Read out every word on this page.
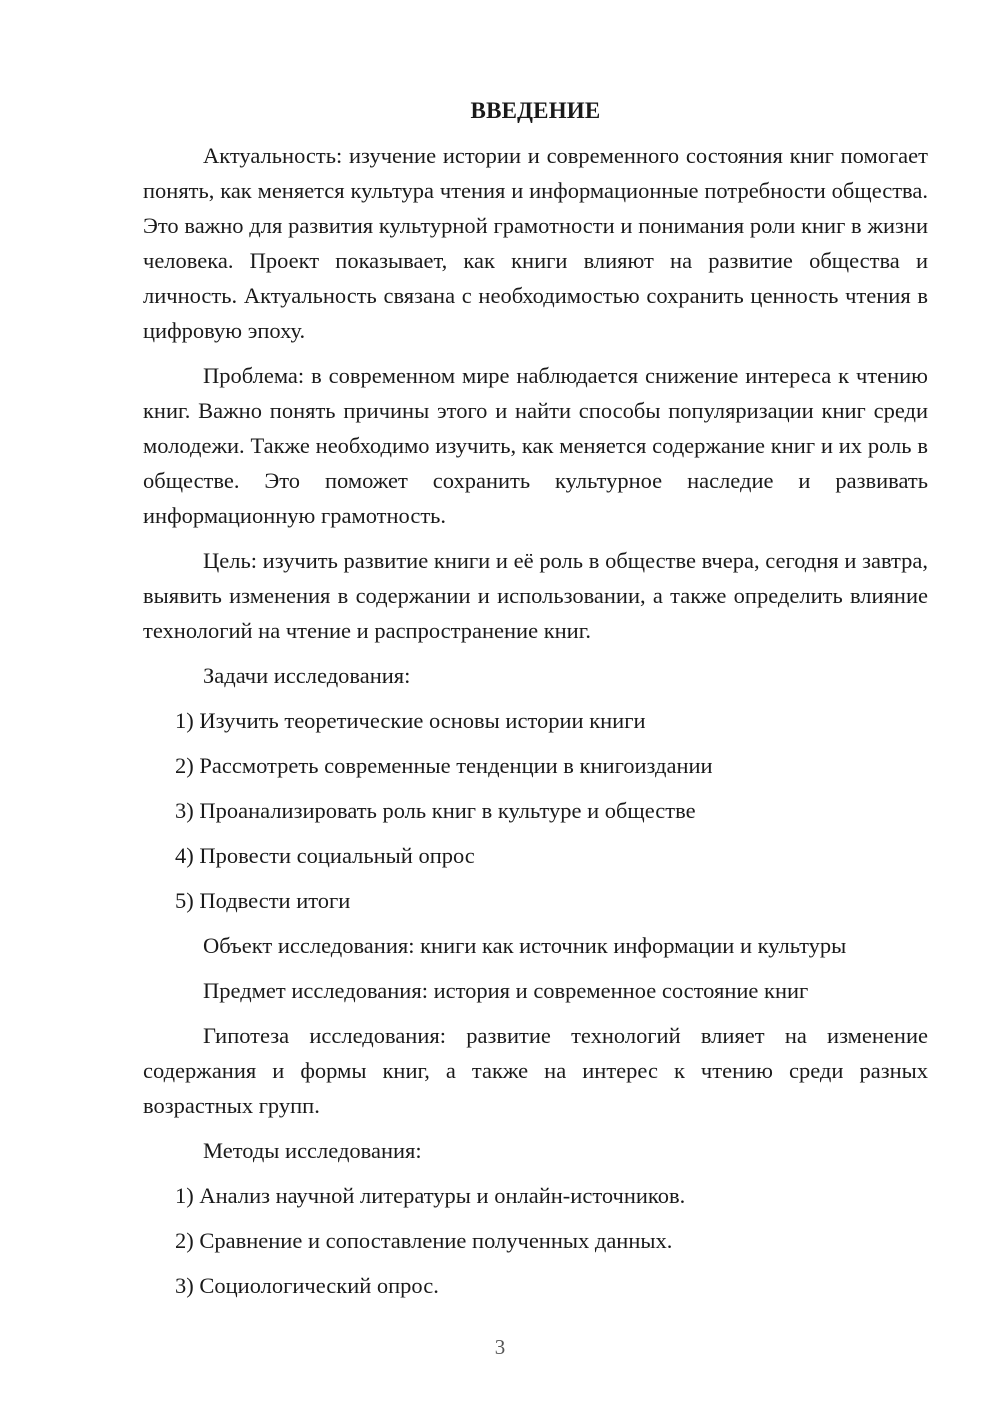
ВВЕДЕНИЕ

Актуальность: изучение истории и современного состояния книг помогает понять, как меняется культура чтения и информационные потребности общества. Это важно для развития культурной грамотности и понимания роли книг в жизни человека. Проект показывает, как книги влияют на развитие общества и личность. Актуальность связана с необходимостью сохранить ценность чтения в цифровую эпоху.

Проблема: в современном мире наблюдается снижение интереса к чтению книг. Важно понять причины этого и найти способы популяризации книг среди молодежи. Также необходимо изучить, как меняется содержание книг и их роль в обществе. Это поможет сохранить культурное наследие и развивать информационную грамотность.

Цель: изучить развитие книги и её роль в обществе вчера, сегодня и завтра, выявить изменения в содержании и использовании, а также определить влияние технологий на чтение и распространение книг.

Задачи исследования:
1) Изучить теоретические основы истории книги
2) Рассмотреть современные тенденции в книгоиздании
3) Проанализировать роль книг в культуре и обществе
4) Провести социальный опрос
5) Подвести итоги
Объект исследования: книги как источник информации и культуры
Предмет исследования: история и современное состояние книг

Гипотеза исследования: развитие технологий влияет на изменение содержания и формы книг, а также на интерес к чтению среди разных возрастных групп.

Методы исследования:
1) Анализ научной литературы и онлайн-источников.
2) Сравнение и сопоставление полученных данных.
3) Социологический опрос.
3
